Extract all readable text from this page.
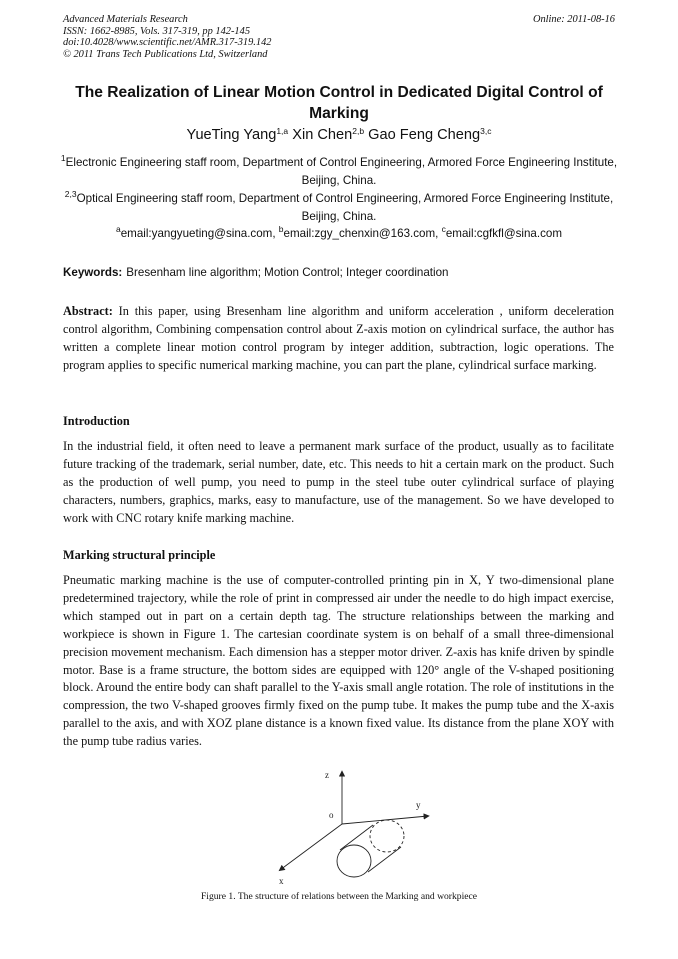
Advanced Materials Research
ISSN: 1662-8985, Vols. 317-319, pp 142-145
doi:10.4028/www.scientific.net/AMR.317-319.142
© 2011 Trans Tech Publications Ltd, Switzerland
Online: 2011-08-16
The Realization of Linear Motion Control in Dedicated Digital Control of Marking
YueTing Yang$^{1,a}$ Xin Chen$^{2,b}$ Gao Feng Cheng$^{3,c}$
$^1$Electronic Engineering staff room, Department of Control Engineering, Armored Force Engineering Institute, Beijing, China.
$^{2,3}$Optical Engineering staff room, Department of Control Engineering, Armored Force Engineering Institute, Beijing, China.
$^a$email:yangyueting@sina.com, $^b$email:zgy_chenxin@163.com, $^c$email:cgfkfl@sina.com
Keywords: Bresenham line algorithm; Motion Control; Integer coordination

Abstract: In this paper, using Bresenham line algorithm and uniform acceleration , uniform deceleration control algorithm, Combining compensation control about Z-axis motion on cylindrical surface, the author has written a complete linear motion control program by integer addition, subtraction, logic operations. The program applies to specific numerical marking machine, you can part the plane, cylindrical surface marking.

Introduction

In the industrial field, it often need to leave a permanent mark surface of the product, usually as to facilitate future tracking of the trademark, serial number, date, etc. This needs to hit a certain mark on the product. Such as the production of well pump, you need to pump in the steel tube outer cylindrical surface of playing characters, numbers, graphics, marks, easy to manufacture, use of the management. So we have developed to work with CNC rotary knife marking machine.

Marking structural principle

Pneumatic marking machine is the use of computer-controlled printing pin in X, Y two-dimensional plane predetermined trajectory, while the role of print in compressed air under the needle to do high impact exercise, which stamped out in part on a certain depth tag. The structure relationships between the marking and workpiece is shown in Figure 1. The cartesian coordinate system is on behalf of a small three-dimensional precision movement mechanism. Each dimension has a stepper motor driver. Z-axis has knife driven by spindle motor. Base is a frame structure, the bottom sides are equipped with 120° angle of the V-shaped positioning block. Around the entire body can shaft parallel to the Y-axis small angle rotation. The role of institutions in the compression, the two V-shaped grooves firmly fixed on the pump tube. It makes the pump tube and the X-axis parallel to the axis, and with XOZ plane distance is a known fixed value. Its distance from the plane XOY with the pump tube radius varies.

z
y
x
o
Figure 1. The structure of relations between the Marking and workpiece
